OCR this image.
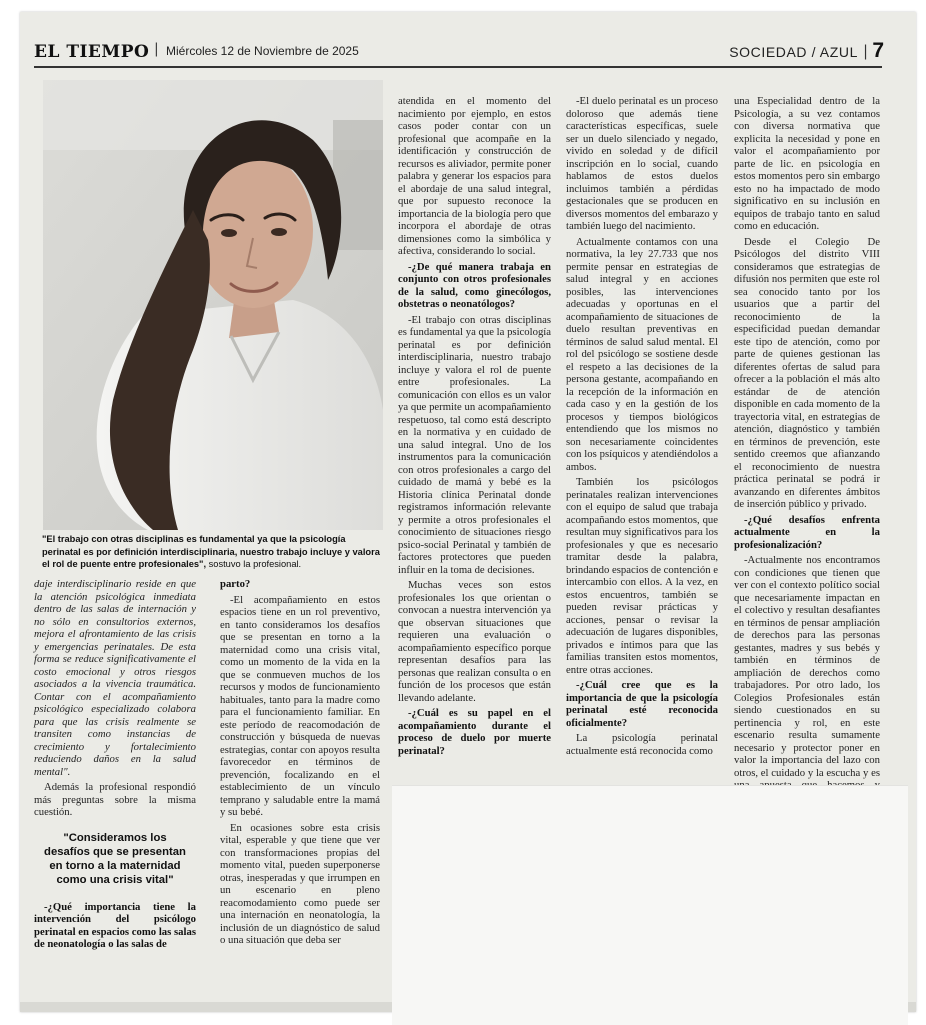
EL TIEMPO | Miércoles 12 de Noviembre de 2025	SOCIEDAD / AZUL | 7
"El trabajo con otras disciplinas es fundamental ya que la psicología perinatal es por definición interdisciplinaria, nuestro trabajo incluye y valora el rol de puente entre profesionales", sostuvo la profesional.

daje interdisciplinario reside en que la atención psicológica inmediata dentro de las salas de internación y no sólo en consultorios externos, mejora el afrontamiento de las crisis y emergencias perinatales. De esta forma se reduce significativamente el costo emocional y otros riesgos asociados a la vivencia traumática. Contar con el acompañamiento psicológico especializado colabora para que las crisis realmente se transiten como instancias de crecimiento y fortalecimiento reduciendo daños en la salud mental".

Además la profesional respondió más preguntas sobre la misma cuestión.

"Consideramos los desafíos que se presentan en torno a la maternidad como una crisis vital"

-¿Qué importancia tiene la intervención del psicólogo perinatal en espacios como las salas de neonatología o las salas de

parto?

-El acompañamiento en estos espacios tiene en un rol preventivo, en tanto consideramos los desafíos que se presentan en torno a la maternidad como una crisis vital, como un momento de la vida en la que se conmueven muchos de los recursos y modos de funcionamiento habituales, tanto para la madre como para el funcionamiento familiar. En este período de reacomodación de construcción y búsqueda de nuevas estrategias, contar con apoyos resulta favorecedor en términos de prevención, focalizando en el establecimiento de un vínculo temprano y saludable entre la mamá y su bebé.

En ocasiones sobre esta crisis vital, esperable y que tiene que ver con transformaciones propias del momento vital, pueden superponerse otras, inesperadas y que irrumpen en un escenario en pleno reacomodamiento como puede ser una internación en neonatología, la inclusión de un diagnóstico de salud o una situación que deba ser

atendida en el momento del nacimiento por ejemplo, en estos casos poder contar con un profesional que acompañe en la identificación y construcción de recursos es aliviador, permite poner palabra y generar los espacios para el abordaje de una salud integral, que por supuesto reconoce la importancia de la biología pero que incorpora el abordaje de otras dimensiones como la simbólica y afectiva, considerando lo social.

-¿De qué manera trabaja en conjunto con otros profesionales de la salud, como ginecólogos, obstetras o neonatólogos?

-El trabajo con otras disciplinas es fundamental ya que la psicología perinatal es por definición interdisciplinaria, nuestro trabajo incluye y valora el rol de puente entre profesionales. La comunicación con ellos es un valor ya que permite un acompañamiento respetuoso, tal como está descripto en la normativa y en cuidado de una salud integral. Uno de los instrumentos para la comunicación con otros profesionales a cargo del cuidado de mamá y bebé es la Historia clínica Perinatal donde registramos información relevante y permite a otros profesionales el conocimiento de situaciones riesgo psico-social Perinatal y también de factores protectores que pueden influir en la toma de decisiones.

Muchas veces son estos profesionales los que orientan o convocan a nuestra intervención ya que observan situaciones que requieren una evaluación o acompañamiento específico porque representan desafíos para las personas que realizan consulta o en función de los procesos que están llevando adelante.

-¿Cuál es su papel en el acompañamiento durante el proceso de duelo por muerte perinatal?

-El duelo perinatal es un proceso doloroso que además tiene características específicas, suele ser un duelo silenciado y negado, vivido en soledad y de difícil inscripción en lo social, cuando hablamos de estos duelos incluimos también a pérdidas gestacionales que se producen en diversos momentos del embarazo y también luego del nacimiento.

Actualmente contamos con una normativa, la ley 27.733 que nos permite pensar en estrategias de salud integral y en acciones posibles, las intervenciones adecuadas y oportunas en el acompañamiento de situaciones de duelo resultan preventivas en términos de salud salud mental. El rol del psicólogo se sostiene desde el respeto a las decisiones de la persona gestante, acompañando en la recepción de la información en cada caso y en la gestión de los procesos y tiempos biológicos entendiendo que los mismos no son necesariamente coincidentes con los psíquicos y atendiéndolos a ambos.

También los psicólogos perinatales realizan intervenciones con el equipo de salud que trabaja acompañando estos momentos, que resultan muy significativos para los profesionales y que es necesario tramitar desde la palabra, brindando espacios de contención e intercambio con ellos. A la vez, en estos encuentros, también se pueden revisar prácticas y acciones, pensar o revisar la adecuación de lugares disponibles, privados e íntimos para que las familias transiten estos momentos, entre otras acciones.

-¿Cuál cree que es la importancia de que la psicología perinatal esté reconocida oficialmente?

La psicología perinatal actualmente está reconocida como

una Especialidad dentro de la Psicología, a su vez contamos con diversa normativa que explicita la necesidad y pone en valor el acompañamiento por parte de lic. en psicología en estos momentos pero sin embargo esto no ha impactado de modo significativo en su inclusión en equipos de trabajo tanto en salud como en educación.

Desde el Colegio De Psicólogos del distrito VIII consideramos que estrategias de difusión nos permiten que este rol sea conocido tanto por los usuarios que a partir del reconocimiento de la especificidad puedan demandar este tipo de atención, como por parte de quienes gestionan las diferentes ofertas de salud para ofrecer a la población el más alto estándar de de atención disponible en cada momento de la trayectoria vital, en estrategias de atención, diagnóstico y también en términos de prevención, este sentido creemos que afianzando el reconocimiento de nuestra práctica perinatal se podrá ir avanzando en diferentes ámbitos de inserción público y privado.

-¿Qué desafíos enfrenta actualmente en la profesionalización?

-Actualmente nos encontramos con condiciones que tienen que ver con el contexto político social que necesariamente impactan en el colectivo y resultan desafiantes en términos de pensar ampliación de derechos para las personas gestantes, madres y sus bebés y también en términos de ampliación de derechos como trabajadores. Por otro lado, los Colegios Profesionales están siendo cuestionados en su pertinencia y rol, en este escenario resulta sumamente necesario y protector poner en valor la importancia del lazo con otros, el cuidado y la escucha y es
